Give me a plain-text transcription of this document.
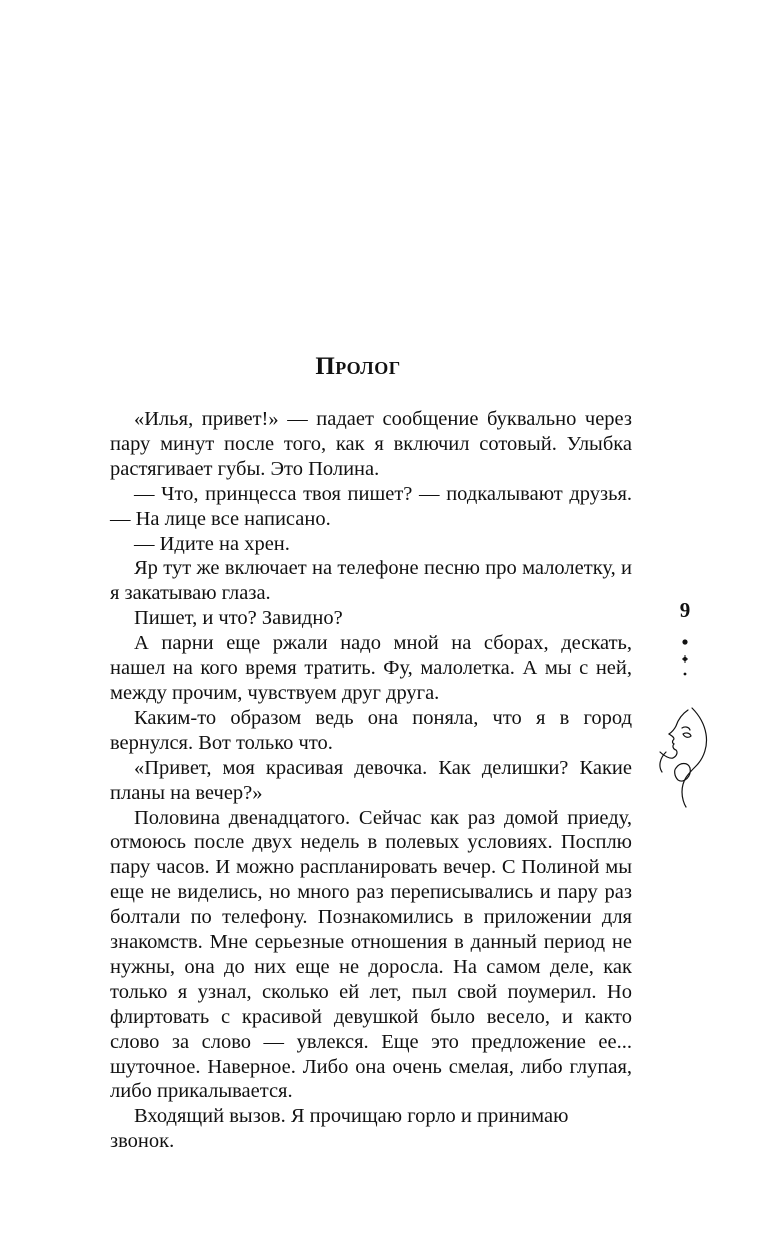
Пролог
«Илья, привет!» — падает сообщение буквально через пару минут после того, как я включил сотовый. Улыбка растягивает губы. Это Полина.
— Что, принцесса твоя пишет? — подкалывают друзья. — На лице все написано.
— Идите на хрен.
Яр тут же включает на телефоне песню про малолетку, и я закатываю глаза.
Пишет, и что? Завидно?
А парни еще ржали надо мной на сборах, дескать, нашел на кого время тратить. Фу, малолетка. А мы с ней, между прочим, чувствуем друг друга.
Каким-то образом ведь она поняла, что я в город вернулся. Вот только что.
«Привет, моя красивая девочка. Как делишки? Какие планы на вечер?»
Половина двенадцатого. Сейчас как раз домой приеду, отмоюсь после двух недель в полевых условиях. Посплю пару часов. И можно распланировать вечер. С Полиной мы еще не виделись, но много раз переписывались и пару раз болтали по телефону. Познакомились в приложении для знакомств. Мне серьезные отношения в данный период не нужны, она до них еще не доросла. На самом деле, как только я узнал, сколько ей лет, пыл свой поумерил. Но флиртовать с красивой девушкой было весело, и както слово за слово — увлекся. Еще это предложение ее... шуточное. Наверное. Либо она очень смелая, либо глупая, либо прикалывается.
Входящий вызов. Я прочищаю горло и принимаю звонок.
9
